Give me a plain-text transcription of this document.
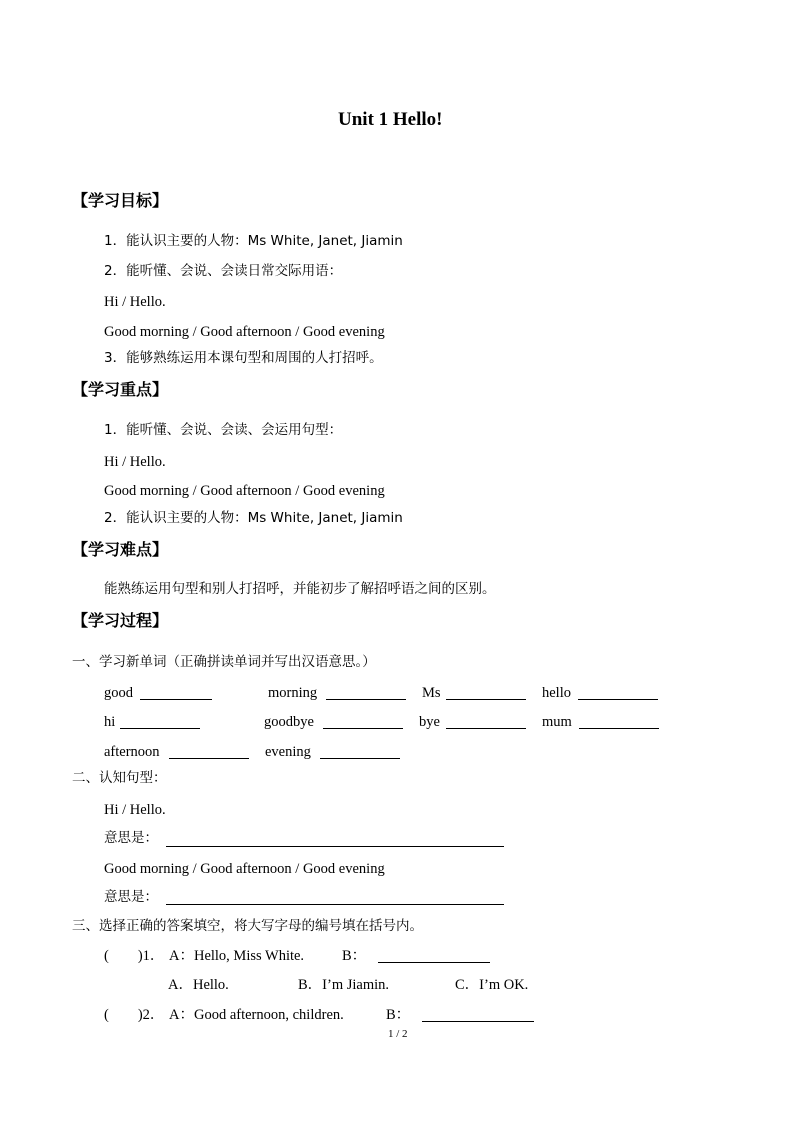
Unit 1 Hello!
【学习目标】
1．能认识主要的人物：Ms White, Janet, Jiamin
2．能听懂、会说、会读日常交际用语：
Hi / Hello.
Good morning / Good afternoon / Good evening
3．能够熟练运用本课句型和周围的人打招呼。
【学习重点】
1．能听懂、会说、会读、会运用句型：
Hi / Hello.
Good morning / Good afternoon / Good evening
2．能认识主要的人物：Ms White, Janet, Jiamin
【学习难点】
能熟练运用句型和别人打招呼，并能初步了解招呼语之间的区别。
【学习过程】
一、学习新单词（正确拼读单词并写出汉语意思。）
good	morning	Ms	hello
hi	goodbye	bye	mum
afternoon	evening
二、认知句型：
Hi / Hello.
意思是：
Good morning / Good afternoon / Good evening
意思是：
三、选择正确的答案填空，将大写字母的编号填在括号内。
(        )1． A：Hello, Miss White.	B：
A．Hello.	B．I’m Jiamin.	C．I’m OK.
(        )2． A：Good afternoon, children.	B：
1 / 2
